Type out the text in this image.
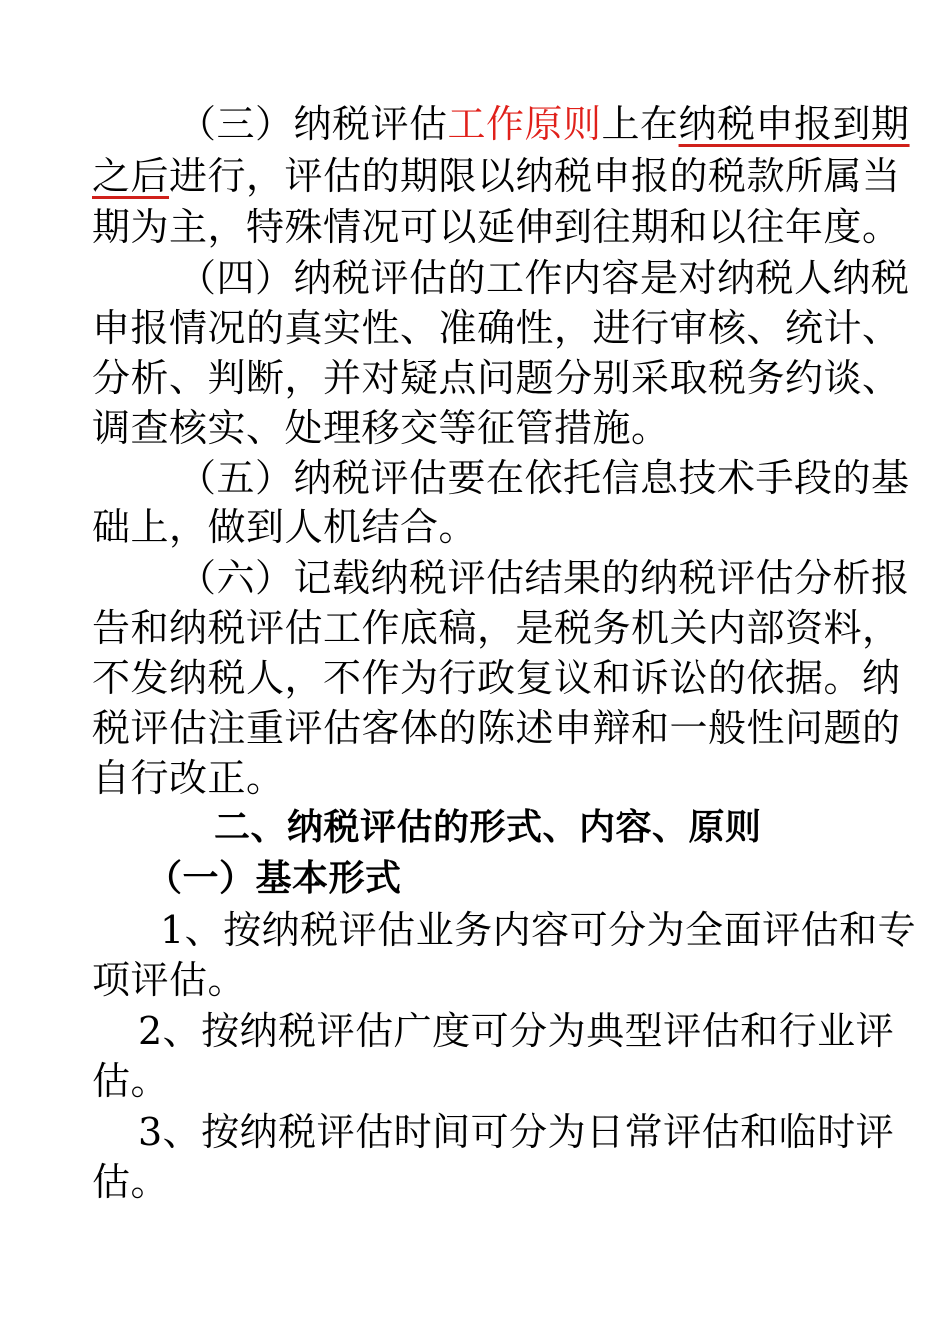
（三）纳税评估工作原则上在纳税申报到期
之后进行，评估的期限以纳税申报的税款所属当
期为主，特殊情况可以延伸到往期和以往年度。
（四）纳税评估的工作内容是对纳税人纳税
申报情况的真实性、准确性，进行审核、统计、
分析、判断，并对疑点问题分别采取税务约谈、
调查核实、处理移交等征管措施。
（五）纳税评估要在依托信息技术手段的基
础上，做到人机结合。
（六）记载纳税评估结果的纳税评估分析报
告和纳税评估工作底稿，是税务机关内部资料，
不发纳税人，不作为行政复议和诉讼的依据。纳
税评估注重评估客体的陈述申辩和一般性问题的
自行改正。
二、纳税评估的形式、内容、原则
（一）基本形式
1、按纳税评估业务内容可分为全面评估和专
项评估。
2、按纳税评估广度可分为典型评估和行业评
估。
3、按纳税评估时间可分为日常评估和临时评
估。
